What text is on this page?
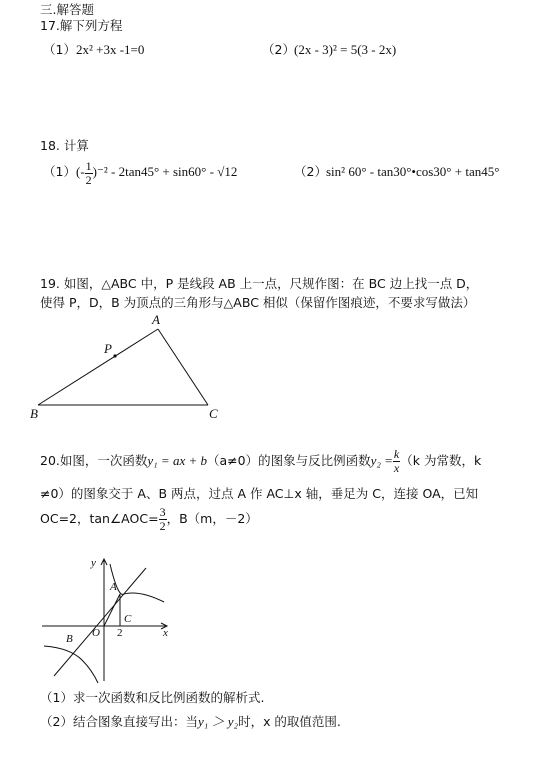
三.解答题
17.解下列方程
（1） 2x² +3x -1=0	（2） (2x - 3)² = 5(3 - 2x)
18. 计算
（1） (- $\frac{1}{2} )^{-2} - 2\tan 45^\circ + \sin 60^\circ - √12$	（2） sin² 60° - tan30°•cos30° + tan45°
19. 如图，△ABC 中，P 是线段 AB 上一点，尺规作图：在 BC 边上找一点 D，
使得 P，D，B 为顶点的三角形与△ABC 相似（保留作图痕迹，不要求写做法）
A
P
B	C
20.如图，一次函数y₁ = ax + b（a≠0）的图象与反比例函数$y_2 = \frac{k}{x} (k$ 为常数，k
≠0）的图象交于 A、B 两点，过点 A 作 AC⊥x 轴，垂足为 C，连接 OA，已知
OC=2，tan∠AOC= $\frac{3}{2}$ ，B（m，－2）
y
x
A
C
O 2
B
（1）求一次函数和反比例函数的解析式.
（2）结合图象直接写出：当y₁ ＞ y₂时，x 的取值范围.
